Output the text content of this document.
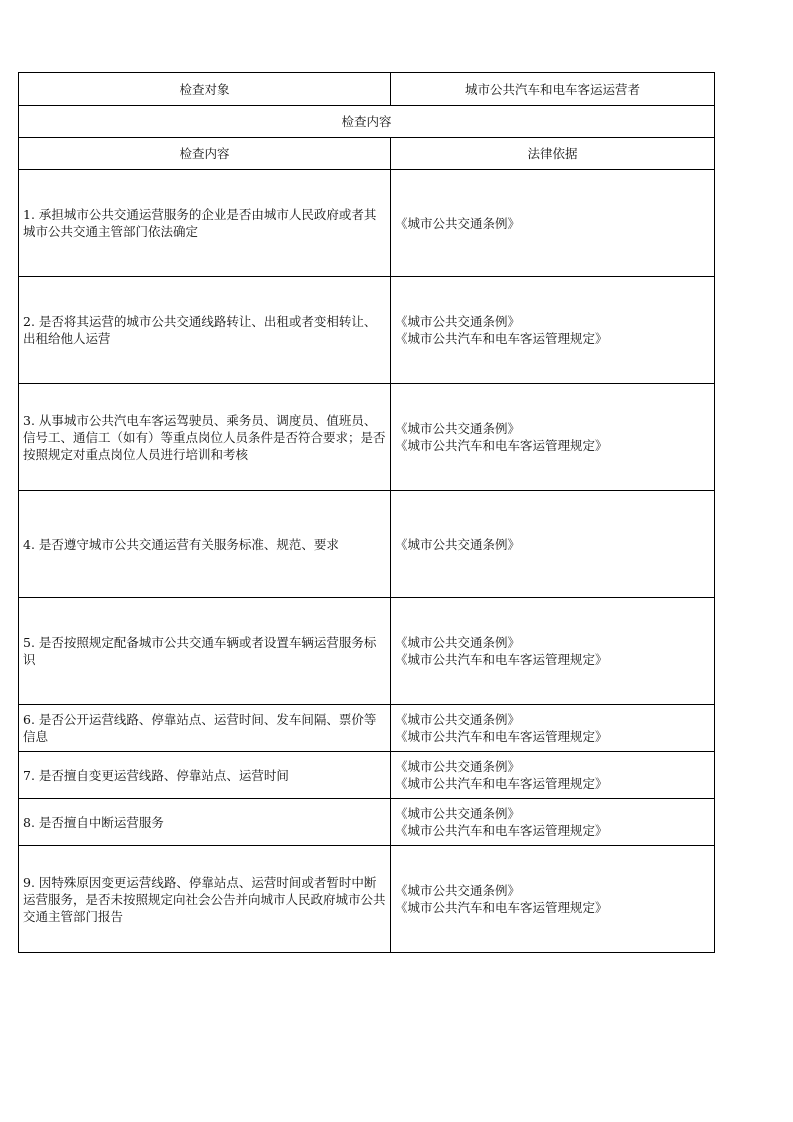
检查对象	城市公共汽车和电车客运运营者
检查内容	
检查内容	法律依据
1. 承担城市公共交通运营服务的企业是否由城市人民政府或者其城市公共交通主管部门依法确定	《城市公共交通条例》

2. 是否将其运营的城市公共交通线路转让、出租或者变相转让、出租给他人运营	《城市公共交通条例》
《城市公共汽车和电车客运管理规定》

3. 从事城市公共汽电车客运驾驶员、乘务员、调度员、值班员、信号工、通信工（如有）等重点岗位人员条件是否符合要求；是否按照规定对重点岗位人员进行培训和考核	《城市公共交通条例》
《城市公共汽车和电车客运管理规定》

4. 是否遵守城市公共交通运营有关服务标准、规范、要求	《城市公共交通条例》

5. 是否按照规定配备城市公共交通车辆或者设置车辆运营服务标识	《城市公共交通条例》
《城市公共汽车和电车客运管理规定》

6. 是否公开运营线路、停靠站点、运营时间、发车间隔、票价等信息	《城市公共交通条例》
《城市公共汽车和电车客运管理规定》

7. 是否擅自变更运营线路、停靠站点、运营时间	《城市公共交通条例》
《城市公共汽车和电车客运管理规定》

8. 是否擅自中断运营服务	《城市公共交通条例》
《城市公共汽车和电车客运管理规定》

9. 因特殊原因变更运营线路、停靠站点、运营时间或者暂时中断运营服务，是否未按照规定向社会公告并向城市人民政府城市公共交通主管部门报告	《城市公共交通条例》
《城市公共汽车和电车客运管理规定》
